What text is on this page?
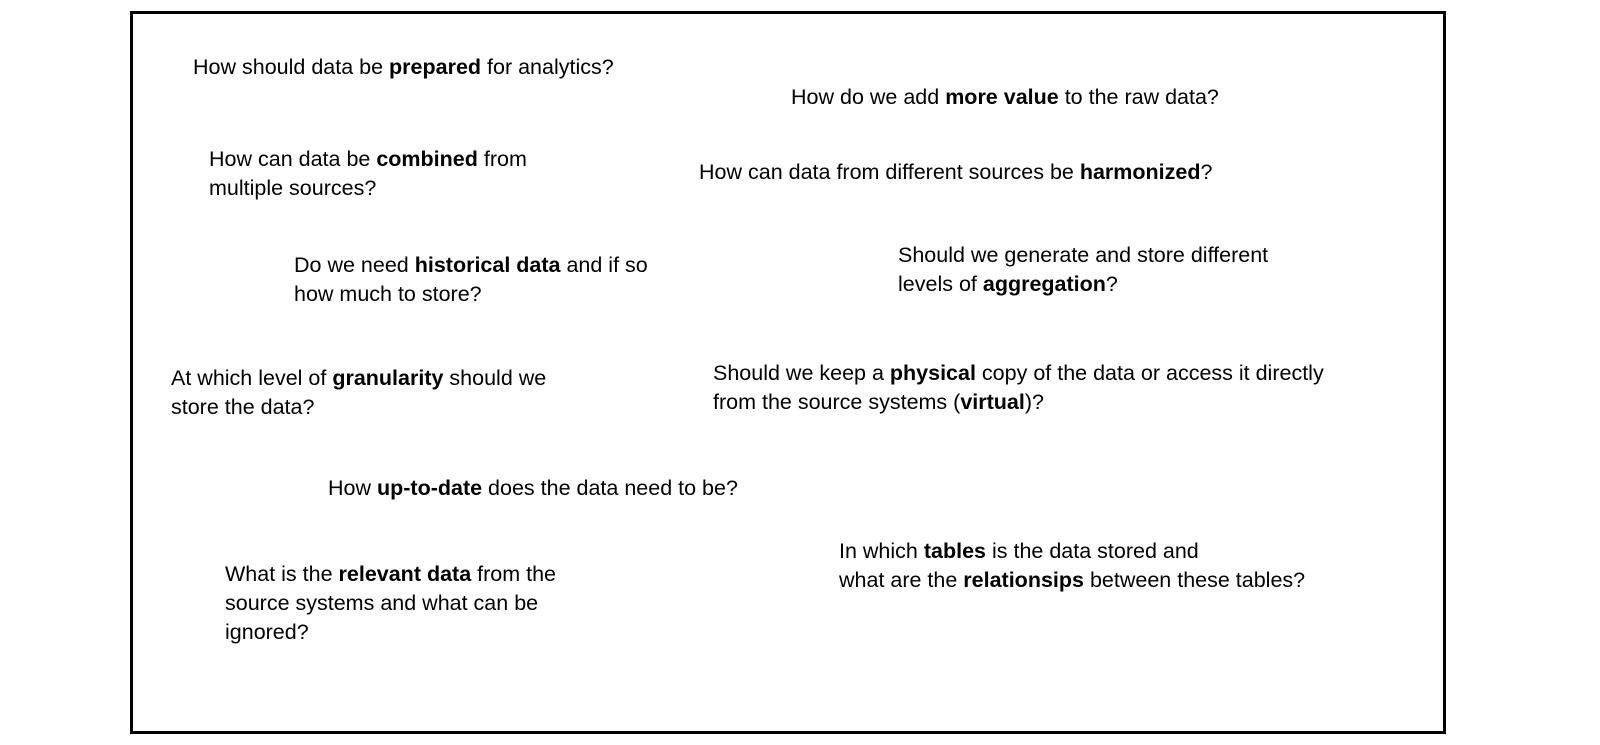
How should data be prepared for analytics?
How do we add more value to the raw data?
How can data be combined from
multiple sources?
How can data from different sources be harmonized?
Do we need historical data and if so
how much to store?
Should we generate and store different
levels of aggregation?
At which level of granularity should we
store the data?
Should we keep a physical copy of the data or access it directly
from the source systems (virtual)?
How up-to-date does the data need to be?
What is the relevant data from the
source systems and what can be
ignored?
In which tables is the data stored and
what are the relationsips between these tables?
